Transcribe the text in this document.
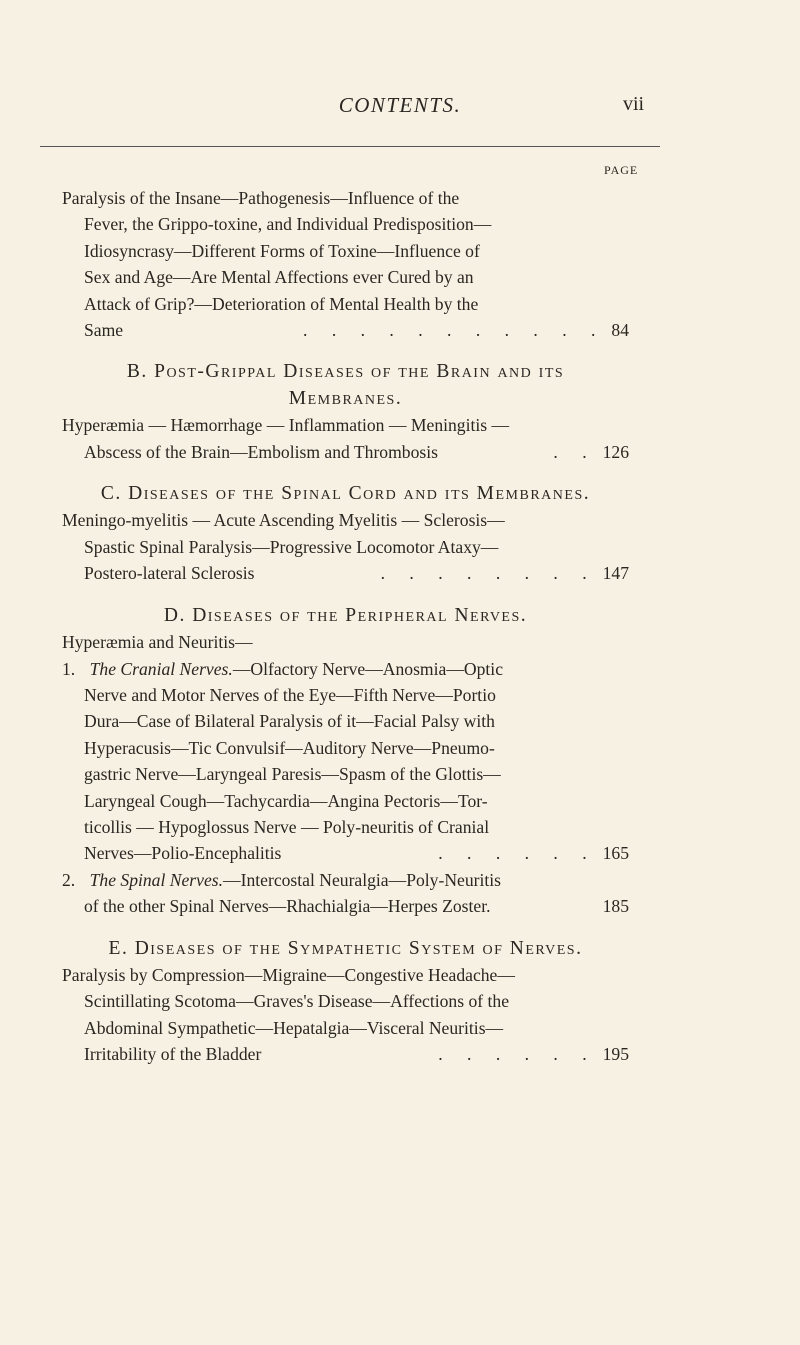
CONTENTS.	vii
PAGE
Paralysis of the Insane—Pathogenesis—Influence of the
Fever, the Grippo-toxine, and Individual Predisposition—
Idiosyncrasy—Different Forms of Toxine—Influence of
Sex and Age—Are Mental Affections ever Cured by an
Attack of Grip?—Deterioration of Mental Health by the
Same	. . . . . . . . . . . 84
B. Post-Grippal Diseases of the Brain and its
Membranes.
Hyperæmia — Hæmorrhage — Inflammation — Meningitis —
Abscess of the Brain—Embolism and Thrombosis	. . 126
C. Diseases of the Spinal Cord and its Membranes.
Meningo-myelitis — Acute Ascending Myelitis — Sclerosis—
Spastic Spinal Paralysis—Progressive Locomotor Ataxy—
Postero-lateral Sclerosis	. . . . . . . . 147
D. Diseases of the Peripheral Nerves.
Hyperæmia and Neuritis—
1. The Cranial Nerves.—Olfactory Nerve—Anosmia—Optic
Nerve and Motor Nerves of the Eye—Fifth Nerve—Portio
Dura—Case of Bilateral Paralysis of it—Facial Palsy with
Hyperacusis—Tic Convulsif—Auditory Nerve—Pneumo-
gastric Nerve—Laryngeal Paresis—Spasm of the Glottis—
Laryngeal Cough—Tachycardia—Angina Pectoris—Tor-
ticollis — Hypoglossus Nerve — Poly-neuritis of Cranial
Nerves—Polio-Encephalitis	. . . . . . 165
2. The Spinal Nerves.—Intercostal Neuralgia—Poly-Neuritis
of the other Spinal Nerves—Rhachialgia—Herpes Zoster.	185
E. Diseases of the Sympathetic System of Nerves.
Paralysis by Compression—Migraine—Congestive Headache—
Scintillating Scotoma—Graves's Disease—Affections of the
Abdominal Sympathetic—Hepatalgia—Visceral Neuritis—
Irritability of the Bladder	. . . . . . 195
